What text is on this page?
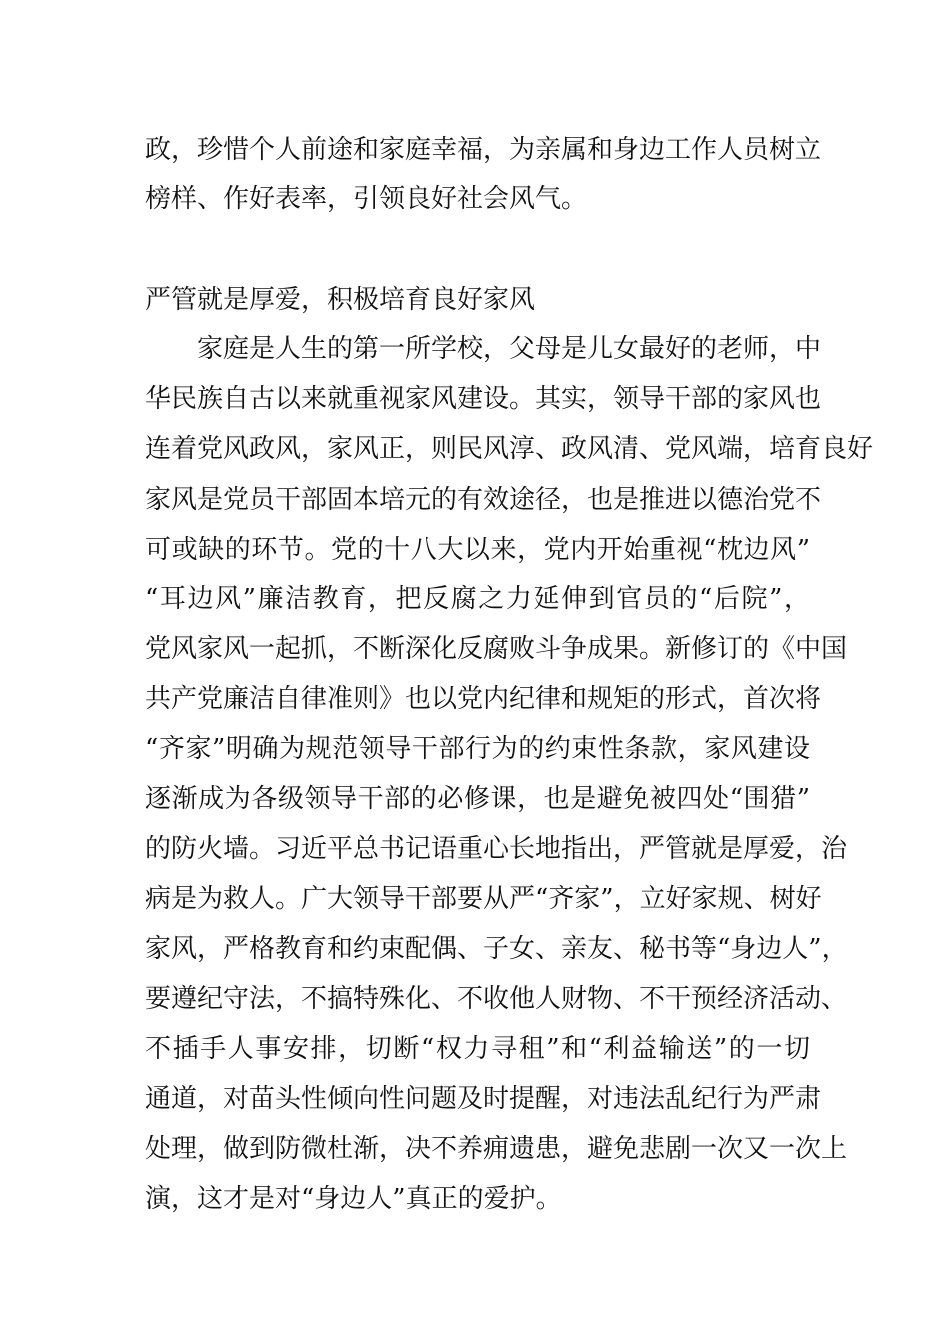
政，珍惜个人前途和家庭幸福，为亲属和身边工作人员树立
榜样、作好表率，引领良好社会风气。
严管就是厚爱，积极培育良好家风
　　家庭是人生的第一所学校，父母是儿女最好的老师，中
华民族自古以来就重视家风建设。其实，领导干部的家风也
连着党风政风，家风正，则民风淳、政风清、党风端，培育良好
家风是党员干部固本培元的有效途径，也是推进以德治党不
可或缺的环节。党的十八大以来，党内开始重视“枕边风”
“耳边风”廉洁教育，把反腐之力延伸到官员的“后院”，
党风家风一起抓，不断深化反腐败斗争成果。新修订的《中国
共产党廉洁自律准则》也以党内纪律和规矩的形式，首次将
“齐家”明确为规范领导干部行为的约束性条款，家风建设
逐渐成为各级领导干部的必修课，也是避免被四处“围猎”
的防火墙。习近平总书记语重心长地指出，严管就是厚爱，治
病是为救人。广大领导干部要从严“齐家”，立好家规、树好
家风，严格教育和约束配偶、子女、亲友、秘书等“身边人”，
要遵纪守法，不搞特殊化、不收他人财物、不干预经济活动、
不插手人事安排，切断“权力寻租”和“利益输送”的一切
通道，对苗头性倾向性问题及时提醒，对违法乱纪行为严肃
处理，做到防微杜渐，决不养痈遗患，避免悲剧一次又一次上
演，这才是对“身边人”真正的爱护。
